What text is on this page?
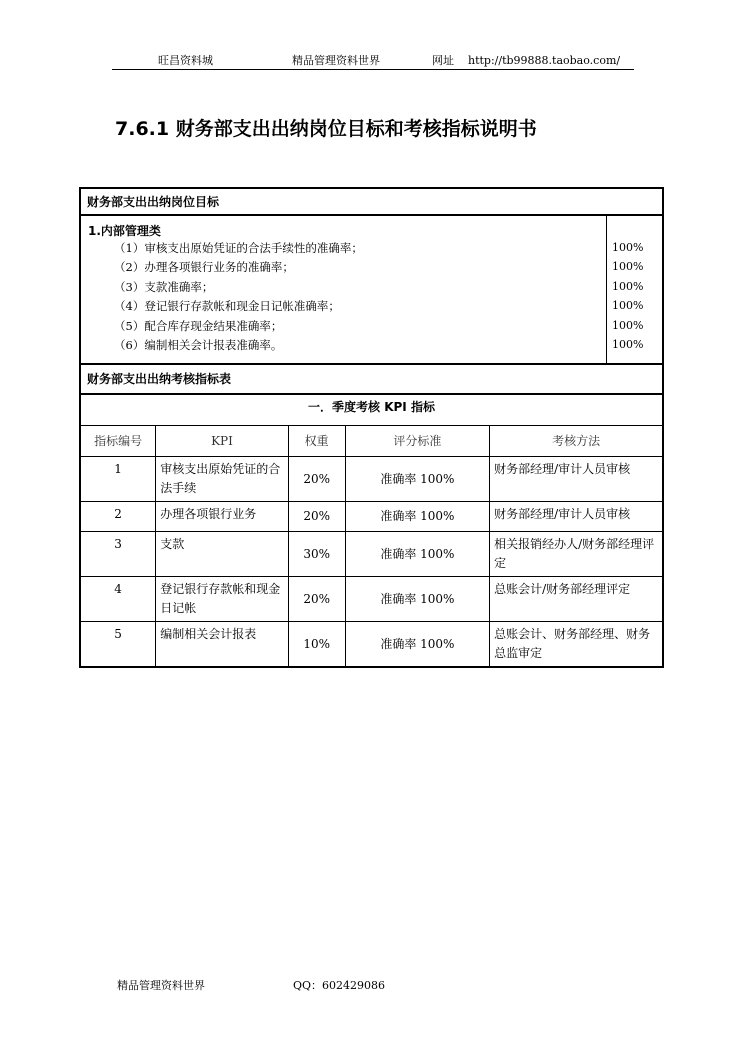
旺昌资料城	精品管理资料世界	网址 http://tb99888.taobao.com/
7.6.1 财务部支出出纳岗位目标和考核指标说明书
财务部支出出纳岗位目标
1.内部管理类
（1）审核支出原始凭证的合法手续性的准确率；	100%
（2）办理各项银行业务的准确率；	100%
（3）支款准确率；	100%
（4）登记银行存款帐和现金日记帐准确率；	100%
（5）配合库存现金结果准确率；	100%
（6）编制相关会计报表准确率。	100%
财务部支出出纳考核指标表
一．季度考核 KPI 指标
指标编号	KPI	权重	评分标准	考核方法
1	审核支出原始凭证的合法手续	20%	准确率 100%	财务部经理/审计人员审核
2	办理各项银行业务	20%	准确率 100%	财务部经理/审计人员审核
3	支款	30%	准确率 100%	相关报销经办人/财务部经理评定
4	登记银行存款帐和现金日记帐	20%	准确率 100%	总账会计/财务部经理评定
5	编制相关会计报表	10%	准确率 100%	总账会计、财务部经理、财务总监审定
精品管理资料世界	QQ：602429086
